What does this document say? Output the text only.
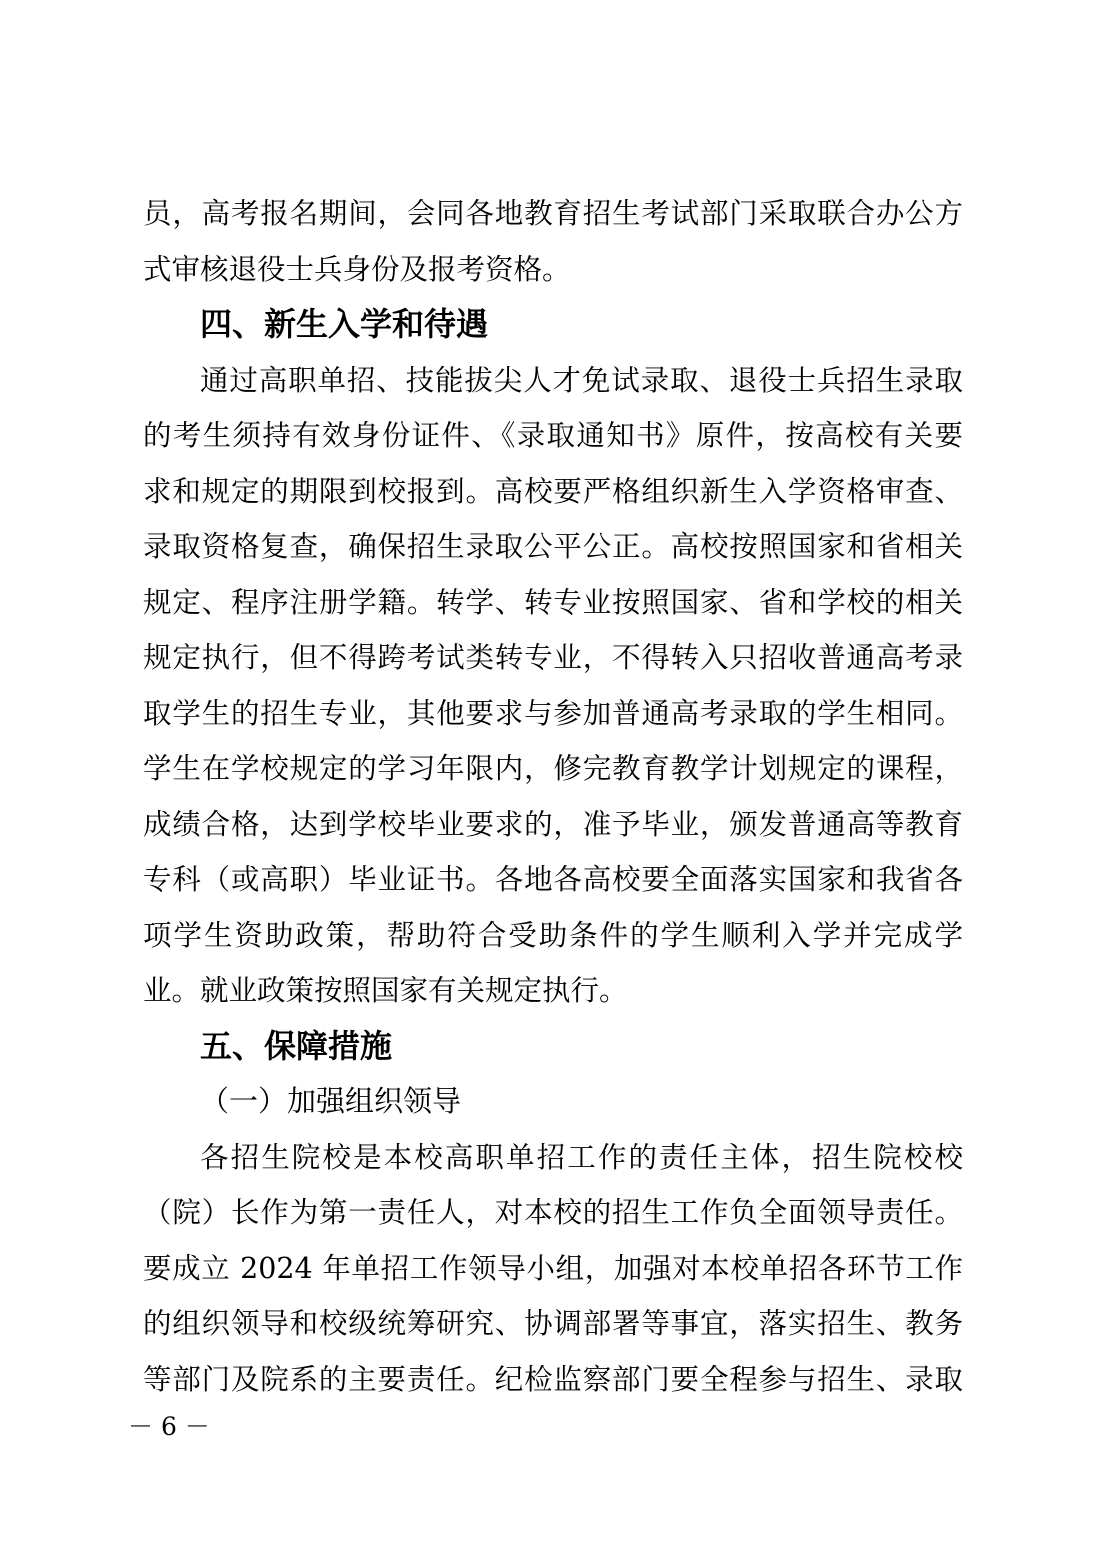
员，高考报名期间，会同各地教育招生考试部门采取联合办公方
式审核退役士兵身份及报考资格。
四、新生入学和待遇
通过高职单招、技能拔尖人才免试录取、退役士兵招生录取
的考生须持有效身份证件、《录取通知书》原件，按高校有关要
求和规定的期限到校报到。高校要严格组织新生入学资格审查、
录取资格复查，确保招生录取公平公正。高校按照国家和省相关
规定、程序注册学籍。转学、转专业按照国家、省和学校的相关
规定执行，但不得跨考试类转专业，不得转入只招收普通高考录
取学生的招生专业，其他要求与参加普通高考录取的学生相同。
学生在学校规定的学习年限内，修完教育教学计划规定的课程，
成绩合格，达到学校毕业要求的，准予毕业，颁发普通高等教育
专科（或高职）毕业证书。各地各高校要全面落实国家和我省各
项学生资助政策，帮助符合受助条件的学生顺利入学并完成学
业。就业政策按照国家有关规定执行。
五、保障措施
（一）加强组织领导
各招生院校是本校高职单招工作的责任主体，招生院校校
（院）长作为第一责任人，对本校的招生工作负全面领导责任。
要成立 2024 年单招工作领导小组，加强对本校单招各环节工作
的组织领导和校级统筹研究、协调部署等事宜，落实招生、教务
等部门及院系的主要责任。纪检监察部门要全程参与招生、录取
－ 6 －
